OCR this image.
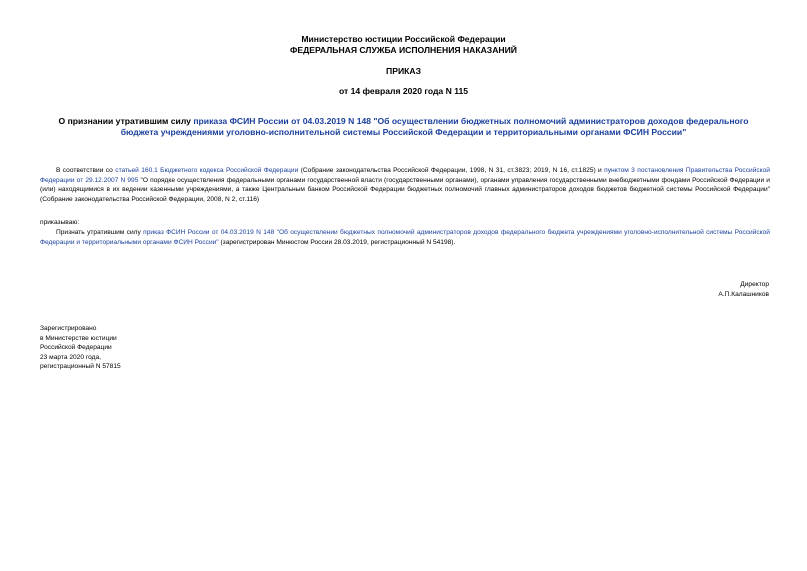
Министерство юстиции Российской Федерации
ФЕДЕРАЛЬНАЯ СЛУЖБА ИСПОЛНЕНИЯ НАКАЗАНИЙ
ПРИКАЗ
от 14 февраля 2020 года N 115
О признании утратившим силу приказа ФСИН России от 04.03.2019 N 148 "Об осуществлении бюджетных полномочий администраторов доходов федерального бюджета учреждениями уголовно-исполнительной системы Российской Федерации и территориальными органами ФСИН России"
В соответствии со статьей 160.1 Бюджетного кодекса Российской Федерации (Собрание законодательства Российской Федерации, 1998, N 31, ст.3823; 2019, N 16, ст.1825) и пунктом 3 постановления Правительства Российской Федерации от 29.12.2007 N 995 "О порядке осуществления федеральными органами государственной власти (государственными органами), органами управления государственными внебюджетными фондами Российской Федерации и (или) находящимися в их ведении казенными учреждениями, а также Центральным банком Российской Федерации бюджетных полномочий главных администраторов доходов бюджетов бюджетной системы Российской Федерации" (Собрание законодательства Российской Федерации, 2008, N 2, ст.116)
приказываю:
Признать утратившим силу приказ ФСИН России от 04.03.2019 N 148 "Об осуществлении бюджетных полномочий администраторов доходов федерального бюджета учреждениями уголовно-исполнительной системы Российской Федерации и территориальными органами ФСИН России" (зарегистрирован Минюстом России 28.03.2019, регистрационный N 54198).
Директор
А.П.Калашников
Зарегистрировано
в Министерстве юстиции
Российской Федерации
23 марта 2020 года,
регистрационный N 57815
